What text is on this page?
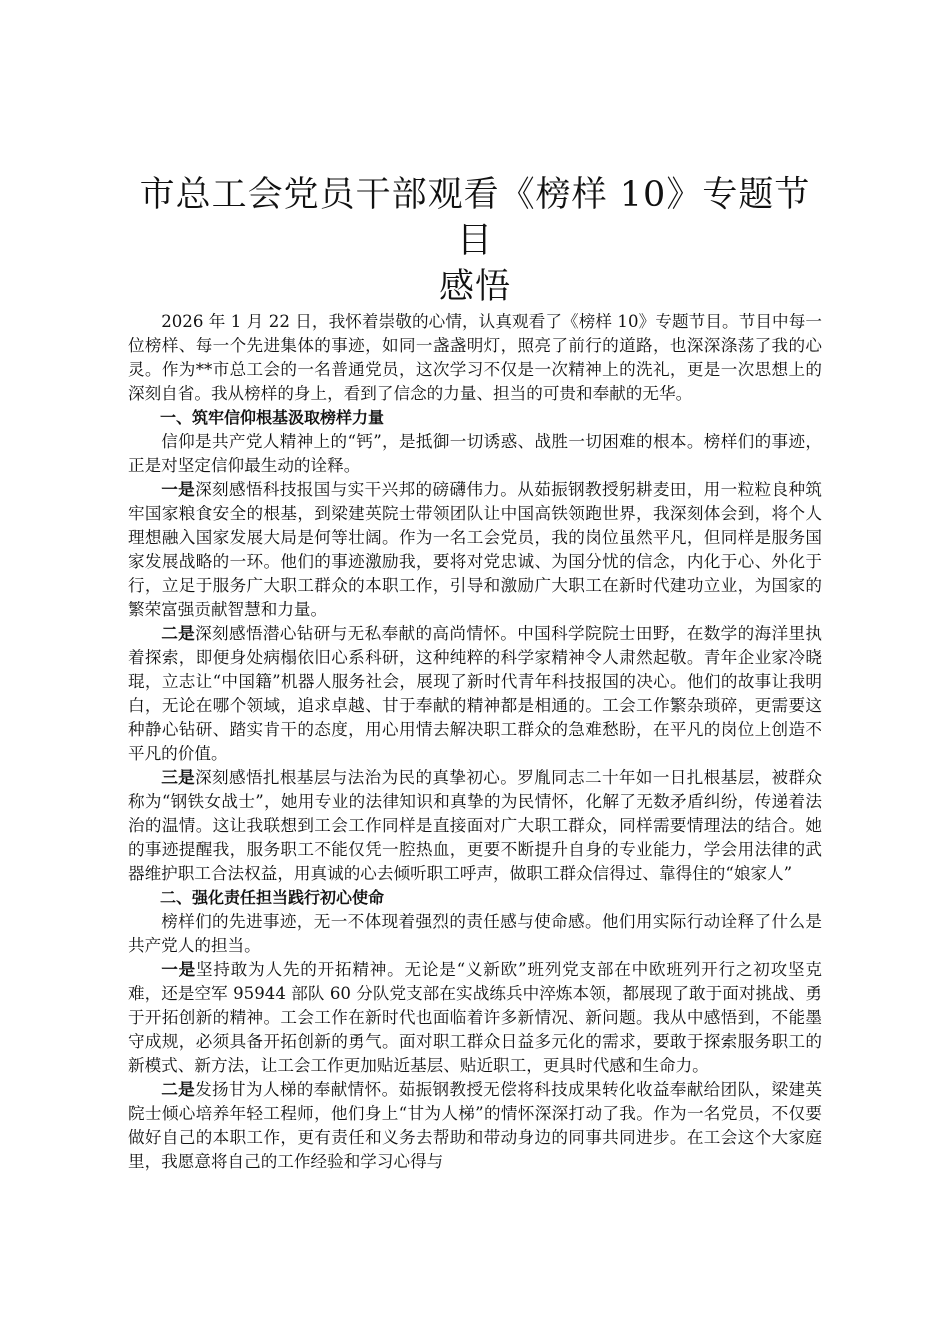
市总工会党员干部观看《榜样 10》专题节目
感悟

2026 年 1 月 22 日，我怀着崇敬的心情，认真观看了《榜样 10》专题节目。节目中每一位榜样、每一个先进集体的事迹，如同一盏盏明灯，照亮了前行的道路，也深深涤荡了我的心灵。作为**市总工会的一名普通党员，这次学习不仅是一次精神上的洗礼，更是一次思想上的深刻自省。我从榜样的身上，看到了信念的力量、担当的可贵和奉献的无华。

一、筑牢信仰根基汲取榜样力量

信仰是共产党人精神上的“钙”，是抵御一切诱惑、战胜一切困难的根本。榜样们的事迹，正是对坚定信仰最生动的诠释。

一是深刻感悟科技报国与实干兴邦的磅礴伟力。从茹振钢教授躬耕麦田，用一粒粒良种筑牢国家粮食安全的根基，到梁建英院士带领团队让中国高铁领跑世界，我深刻体会到，将个人理想融入国家发展大局是何等壮阔。作为一名工会党员，我的岗位虽然平凡，但同样是服务国家发展战略的一环。他们的事迹激励我，要将对党忠诚、为国分忧的信念，内化于心、外化于行，立足于服务广大职工群众的本职工作，引导和激励广大职工在新时代建功立业，为国家的繁荣富强贡献智慧和力量。

二是深刻感悟潜心钻研与无私奉献的高尚情怀。中国科学院院士田野，在数学的海洋里执着探索，即便身处病榻依旧心系科研，这种纯粹的科学家精神令人肃然起敬。青年企业家冷晓琨，立志让“中国籍”机器人服务社会，展现了新时代青年科技报国的决心。他们的故事让我明白，无论在哪个领域，追求卓越、甘于奉献的精神都是相通的。工会工作繁杂琐碎，更需要这种静心钻研、踏实肯干的态度，用心用情去解决职工群众的急难愁盼，在平凡的岗位上创造不平凡的价值。

三是深刻感悟扎根基层与法治为民的真挚初心。罗胤同志二十年如一日扎根基层，被群众称为“钢铁女战士”，她用专业的法律知识和真挚的为民情怀，化解了无数矛盾纠纷，传递着法治的温情。这让我联想到工会工作同样是直接面对广大职工群众，同样需要情理法的结合。她的事迹提醒我，服务职工不能仅凭一腔热血，更要不断提升自身的专业能力，学会用法律的武器维护职工合法权益，用真诚的心去倾听职工呼声，做职工群众信得过、靠得住的“娘家人”

二、强化责任担当践行初心使命

榜样们的先进事迹，无一不体现着强烈的责任感与使命感。他们用实际行动诠释了什么是共产党人的担当。

一是坚持敢为人先的开拓精神。无论是“义新欧”班列党支部在中欧班列开行之初攻坚克难，还是空军 95944 部队 60 分队党支部在实战练兵中淬炼本领，都展现了敢于面对挑战、勇于开拓创新的精神。工会工作在新时代也面临着许多新情况、新问题。我从中感悟到，不能墨守成规，必须具备开拓创新的勇气。面对职工群众日益多元化的需求，要敢于探索服务职工的新模式、新方法，让工会工作更加贴近基层、贴近职工，更具时代感和生命力。

二是发扬甘为人梯的奉献情怀。茹振钢教授无偿将科技成果转化收益奉献给团队，梁建英院士倾心培养年轻工程师，他们身上“甘为人梯”的情怀深深打动了我。作为一名党员，不仅要做好自己的本职工作，更有责任和义务去帮助和带动身边的同事共同进步。在工会这个大家庭里，我愿意将自己的工作经验和学习心得与
